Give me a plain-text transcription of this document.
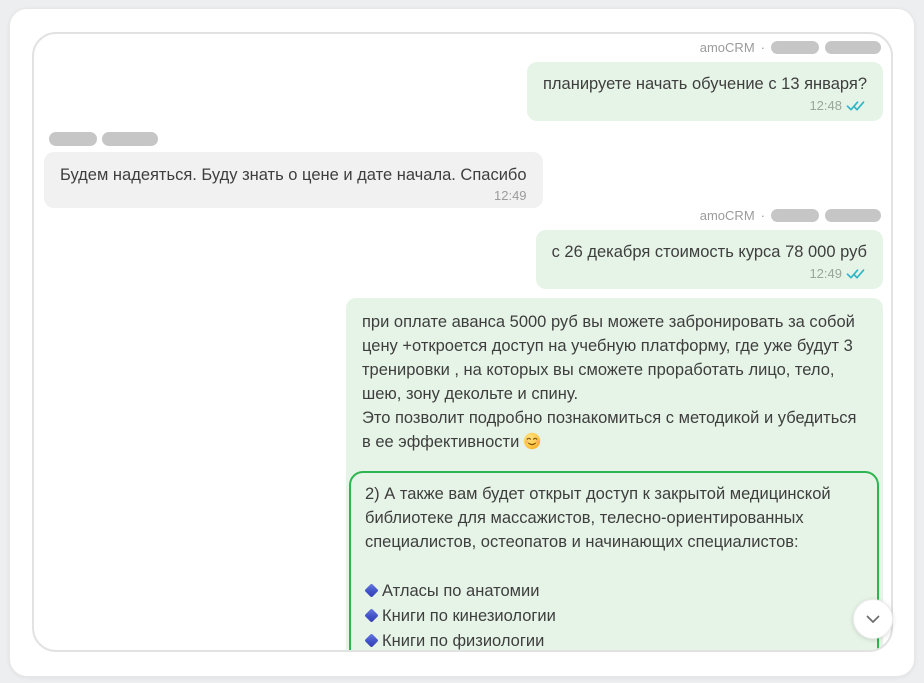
amoCRM ·
планируете начать обучение с 13 января?
12:48
Будем надеяться. Буду знать о цене и дате начала. Спасибо
12:49
amoCRM ·
с 26 декабря стоимость курса 78 000 руб
12:49
при оплате аванса 5000 руб вы можете забронировать за собой цену +откроется доступ на учебную платформу, где уже будут 3 тренировки , на которых вы сможете проработать лицо, тело, шею, зону декольте и спину.
Это позволит подробно познакомиться с методикой и убедиться в ее эффективности
2) А также вам будет открыт доступ к закрытой медицинской библиотеке для массажистов, телесно-ориентированных специалистов, остеопатов и начинающих специалистов:
Атласы по анатомии
Книги по кинезиологии
Книги по физиологии
